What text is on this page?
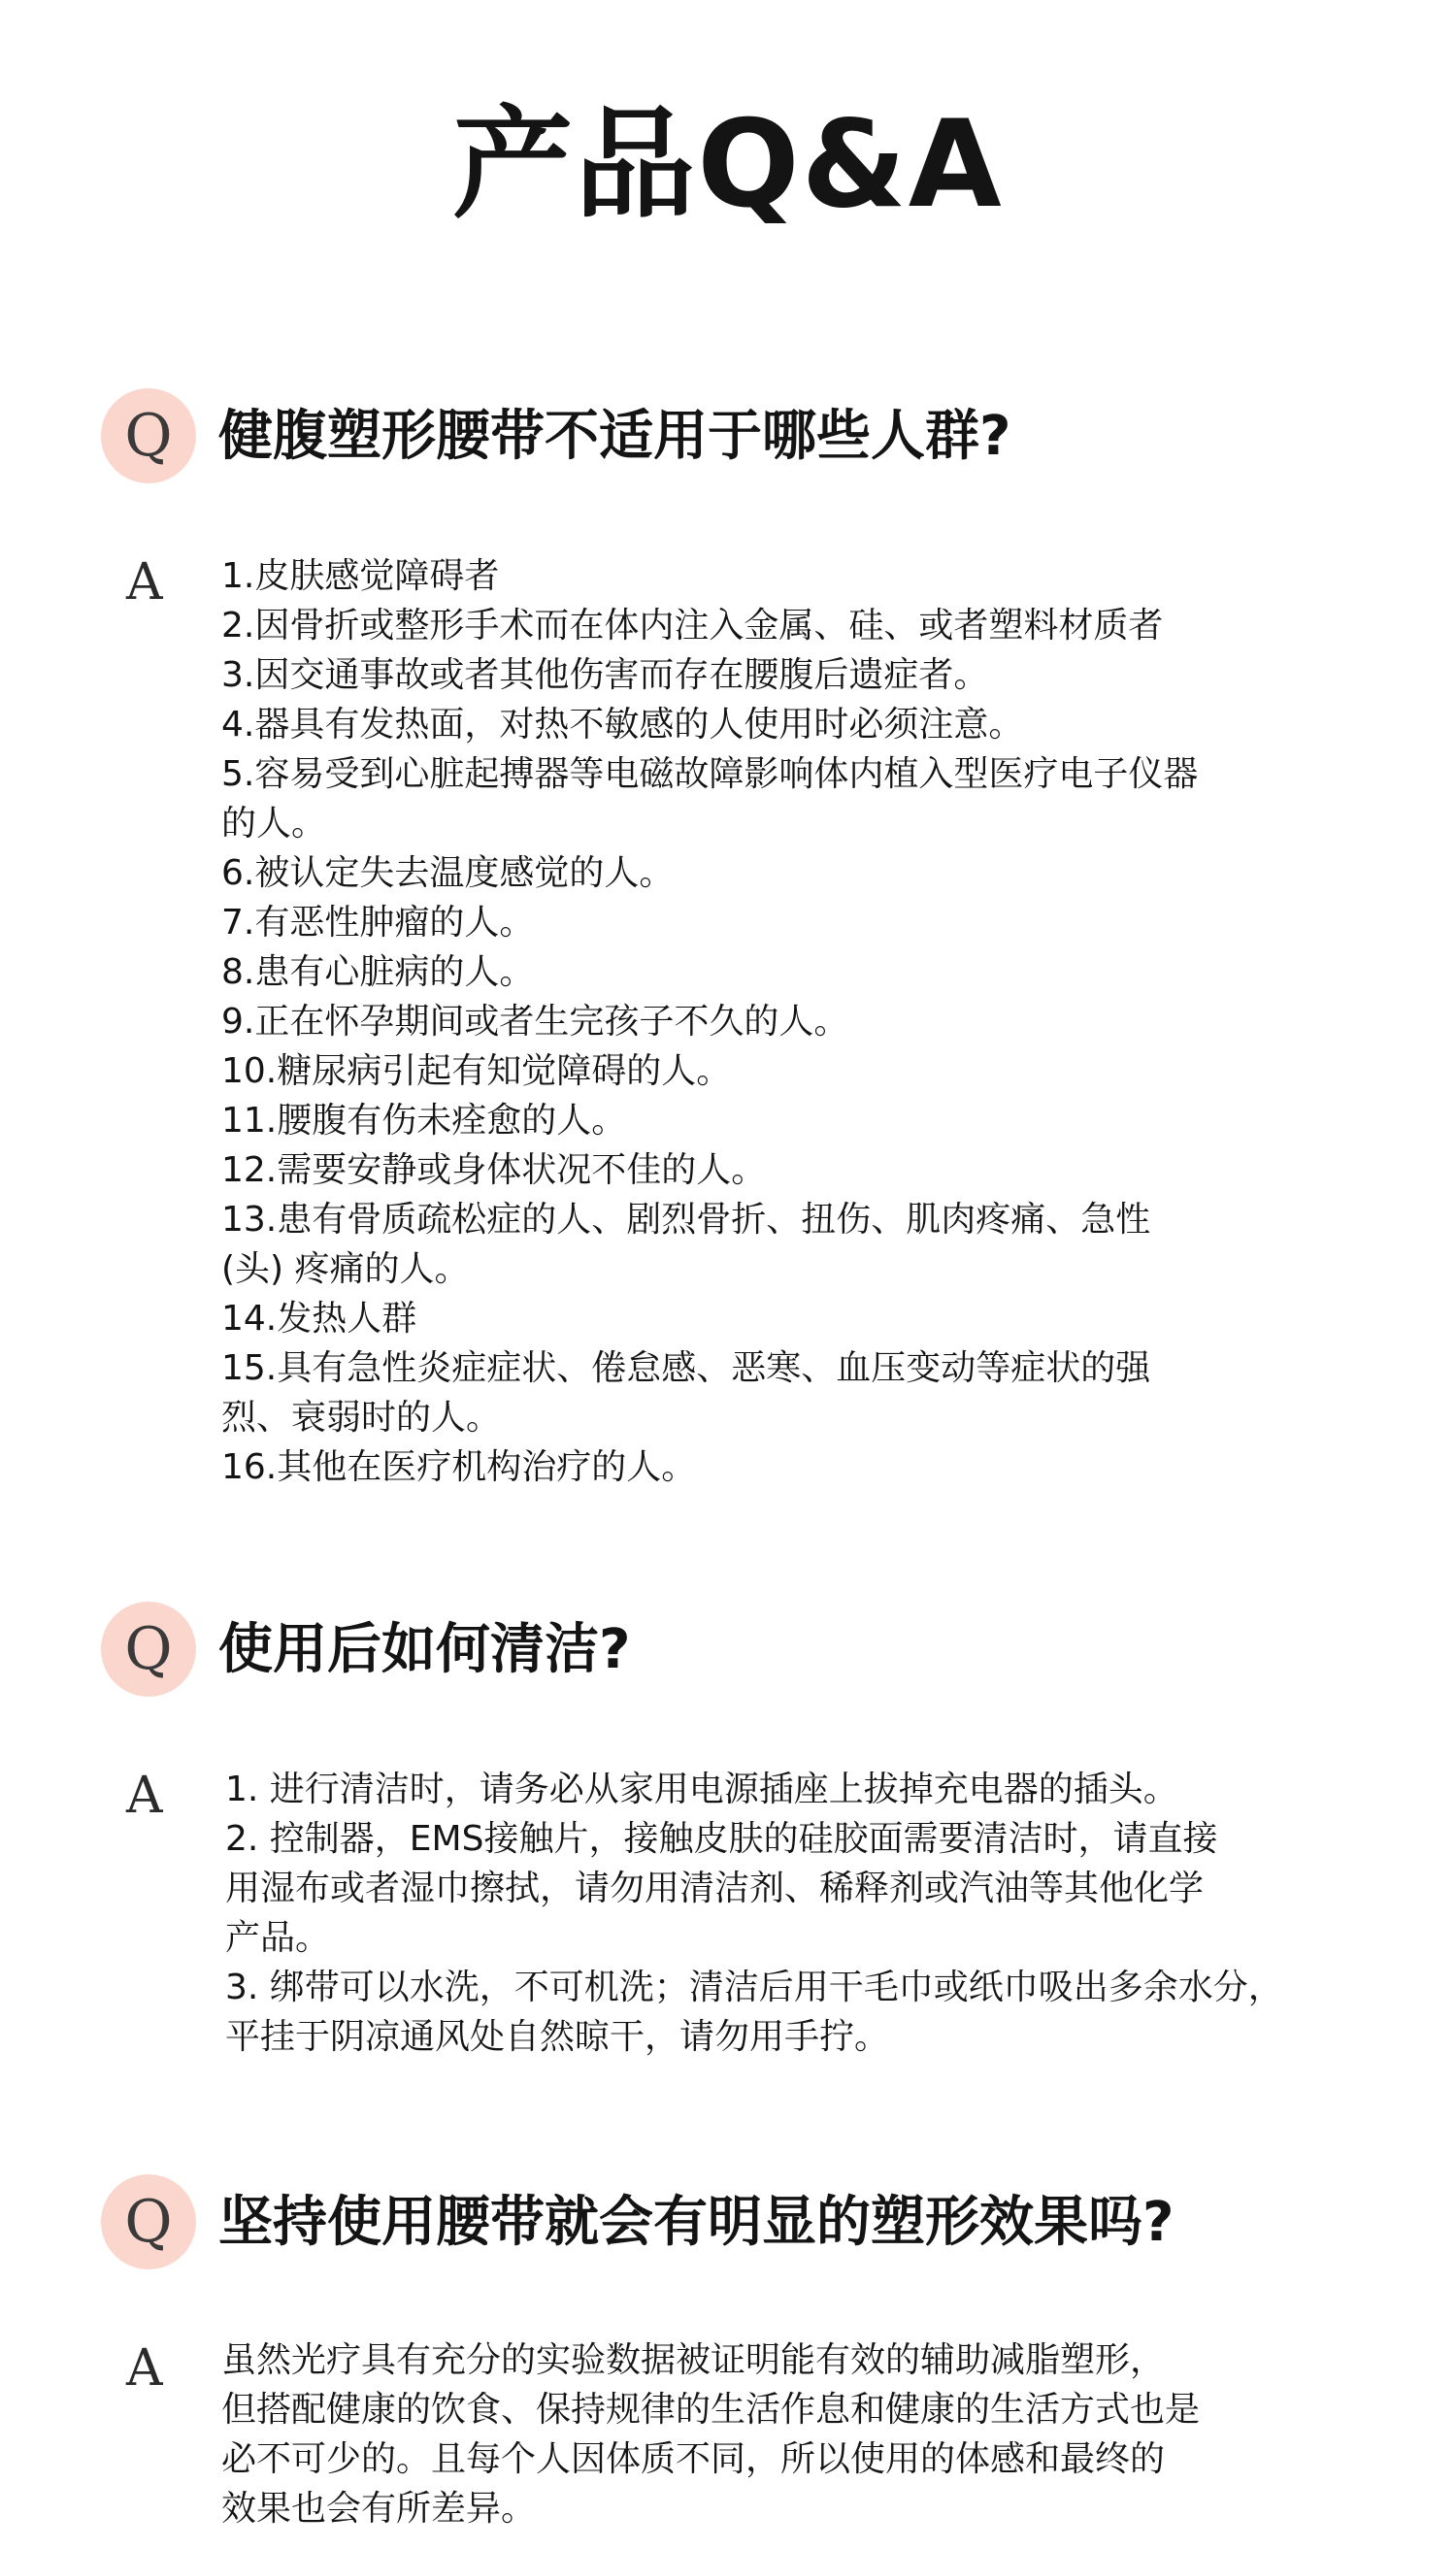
产品Q&A
Q 健腹塑形腰带不适用于哪些人群?
A 1.皮肤感觉障碍者
2.因骨折或整形手术而在体内注入金属、硅、或者塑料材质者
3.因交通事故或者其他伤害而存在腰腹后遗症者。
4.器具有发热面，对热不敏感的人使用时必须注意。
5.容易受到心脏起搏器等电磁故障影响体内植入型医疗电子仪器
的人。
6.被认定失去温度感觉的人。
7.有恶性肿瘤的人。
8.患有心脏病的人。
9.正在怀孕期间或者生完孩子不久的人。
10.糖尿病引起有知觉障碍的人。
11.腰腹有伤未痊愈的人。
12.需要安静或身体状况不佳的人。
13.患有骨质疏松症的人、剧烈骨折、扭伤、肌肉疼痛、急性
(头) 疼痛的人。
14.发热人群
15.具有急性炎症症状、倦怠感、恶寒、血压变动等症状的强
烈、衰弱时的人。
16.其他在医疗机构治疗的人。
Q 使用后如何清洁?
A 1. 进行清洁时，请务必从家用电源插座上拔掉充电器的插头。
2. 控制器，EMS接触片，接触皮肤的硅胶面需要清洁时，请直接
用湿布或者湿巾擦拭，请勿用清洁剂、稀释剂或汽油等其他化学
产品。
3. 绑带可以水洗，不可机洗；清洁后用干毛巾或纸巾吸出多余水分，
平挂于阴凉通风处自然晾干，请勿用手拧。
Q 坚持使用腰带就会有明显的塑形效果吗?
A 虽然光疗具有充分的实验数据被证明能有效的辅助减脂塑形，
但搭配健康的饮食、保持规律的生活作息和健康的生活方式也是
必不可少的。且每个人因体质不同，所以使用的体感和最终的
效果也会有所差异。
